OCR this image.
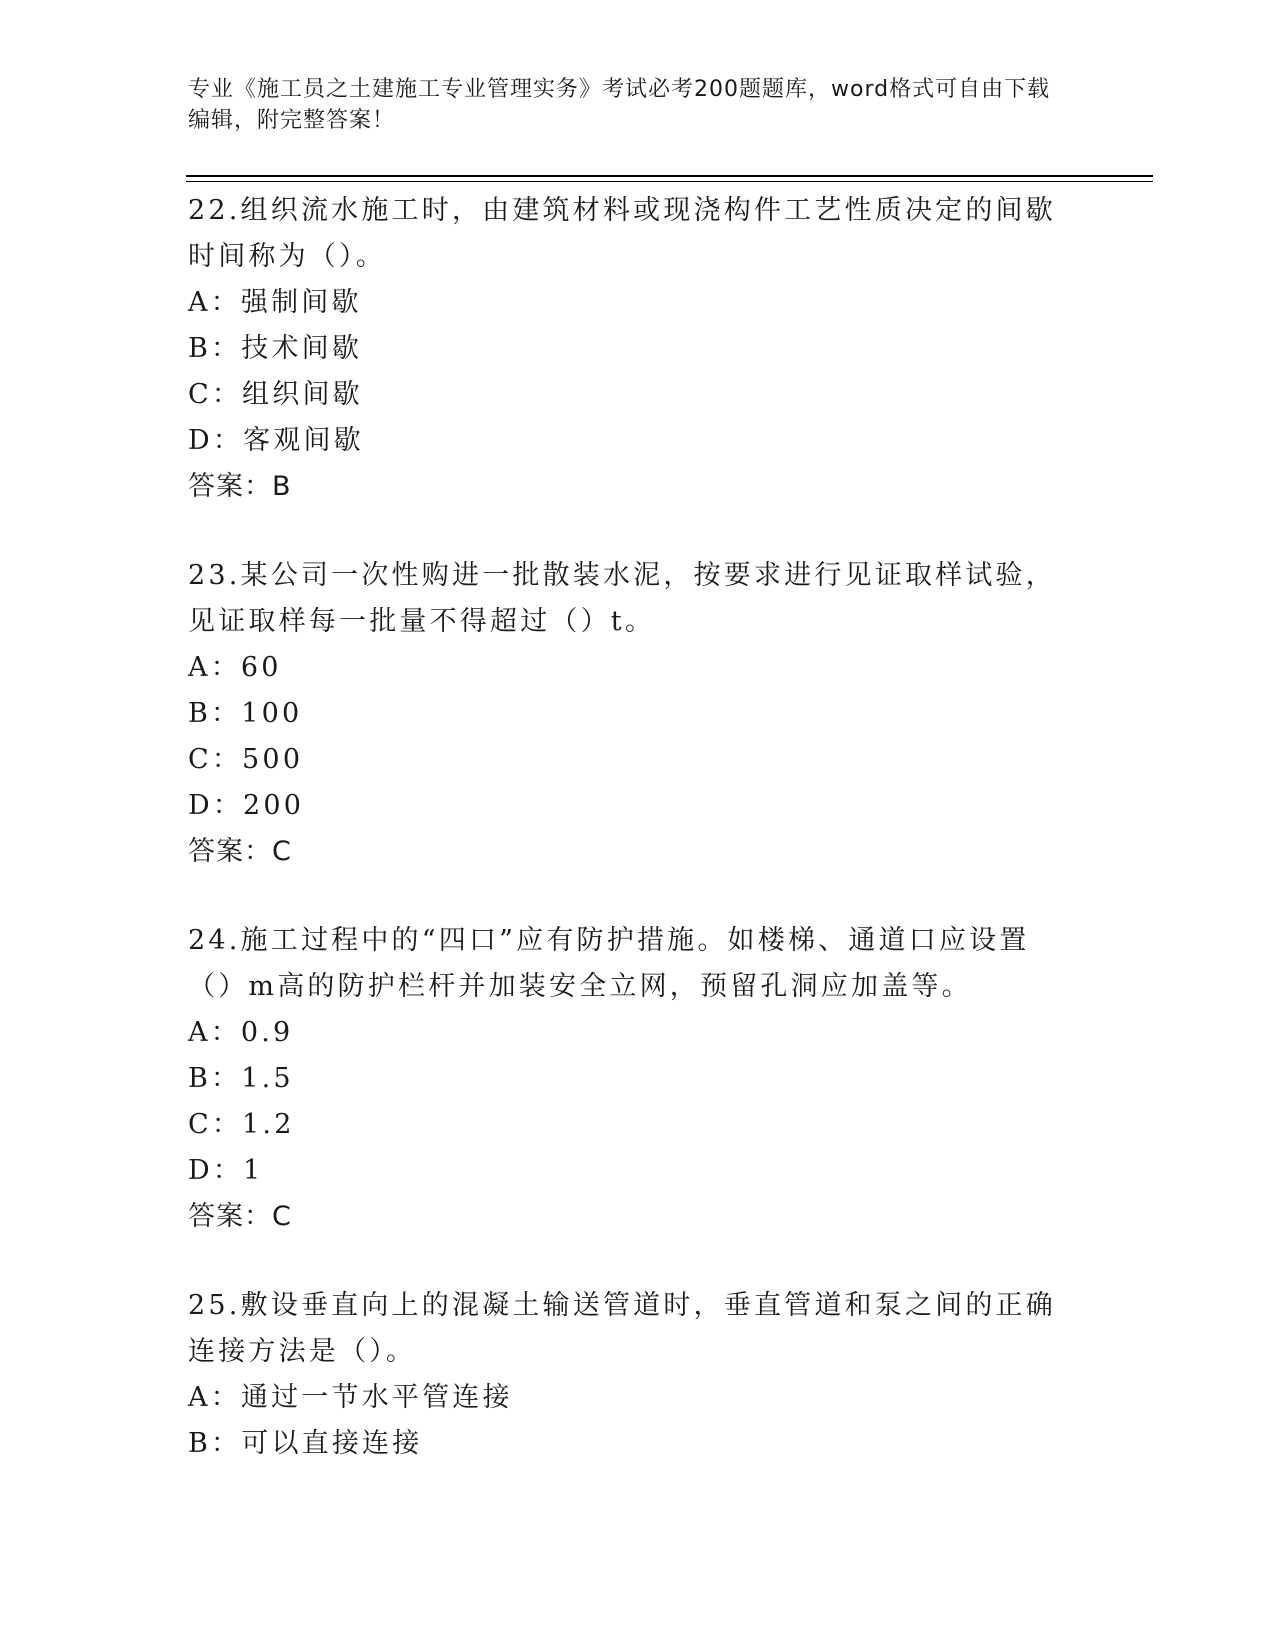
专业《施工员之土建施工专业管理实务》考试必考200题题库，word格式可自由下载编辑，附完整答案！

22.组织流水施工时，由建筑材料或现浇构件工艺性质决定的间歇时间称为（）。

A：强制间歇

B：技术间歇

C：组织间歇

D：客观间歇

答案：B

23.某公司一次性购进一批散装水泥，按要求进行见证取样试验，见证取样每一批量不得超过（）t。

A：60

B：100

C：500

D：200

答案：C

24.施工过程中的“四口”应有防护措施。如楼梯、通道口应设置（）m高的防护栏杆并加装安全立网，预留孔洞应加盖等。

A：0.9

B：1.5

C：1.2

D：1

答案：C

25.敷设垂直向上的混凝土输送管道时，垂直管道和泵之间的正确连接方法是（）。

A：通过一节水平管连接

B：可以直接连接
